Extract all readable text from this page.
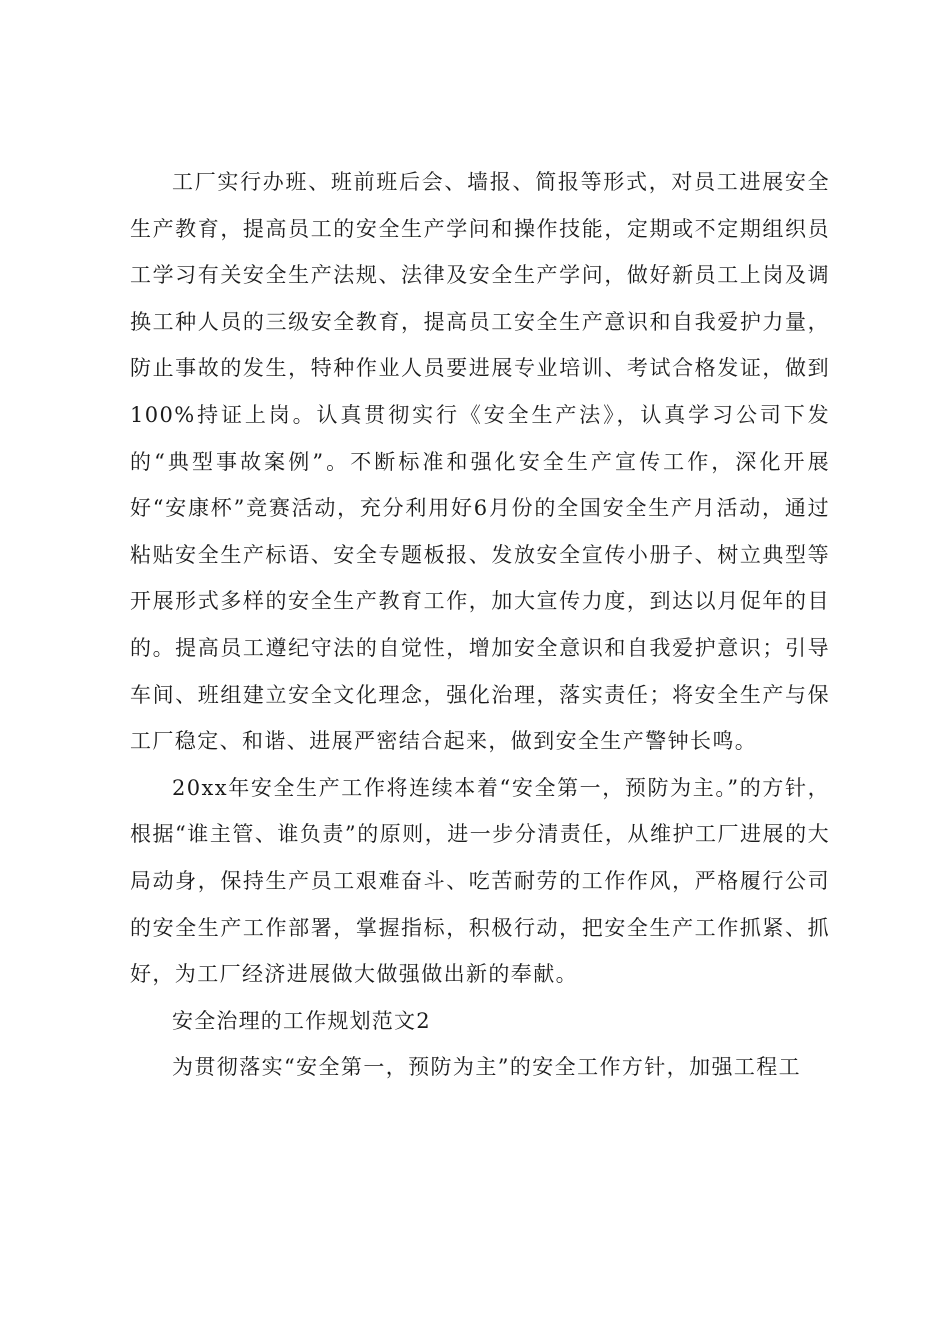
工厂实行办班、班前班后会、墙报、简报等形式，对员工进展安全生产教育，提高员工的安全生产学问和操作技能，定期或不定期组织员工学习有关安全生产法规、法律及安全生产学问，做好新员工上岗及调换工种人员的三级安全教育，提高员工安全生产意识和自我爱护力量，防止事故的发生，特种作业人员要进展专业培训、考试合格发证，做到100%持证上岗。认真贯彻实行《安全生产法》，认真学习公司下发的“典型事故案例”。不断标准和强化安全生产宣传工作，深化开展好“安康杯”竞赛活动，充分利用好6月份的全国安全生产月活动，通过粘贴安全生产标语、安全专题板报、发放安全宣传小册子、树立典型等开展形式多样的安全生产教育工作，加大宣传力度，到达以月促年的目的。提高员工遵纪守法的自觉性，增加安全意识和自我爱护意识；引导车间、班组建立安全文化理念，强化治理，落实责任；将安全生产与保工厂稳定、和谐、进展严密结合起来，做到安全生产警钟长鸣。

20xx年安全生产工作将连续本着“安全第一，预防为主。”的方针，根据“谁主管、谁负责”的原则，进一步分清责任，从维护工厂进展的大局动身，保持生产员工艰难奋斗、吃苦耐劳的工作作风，严格履行公司的安全生产工作部署，掌握指标，积极行动，把安全生产工作抓紧、抓好，为工厂经济进展做大做强做出新的奉献。

安全治理的工作规划范文2

为贯彻落实“安全第一，预防为主”的安全工作方针，加强工程工
